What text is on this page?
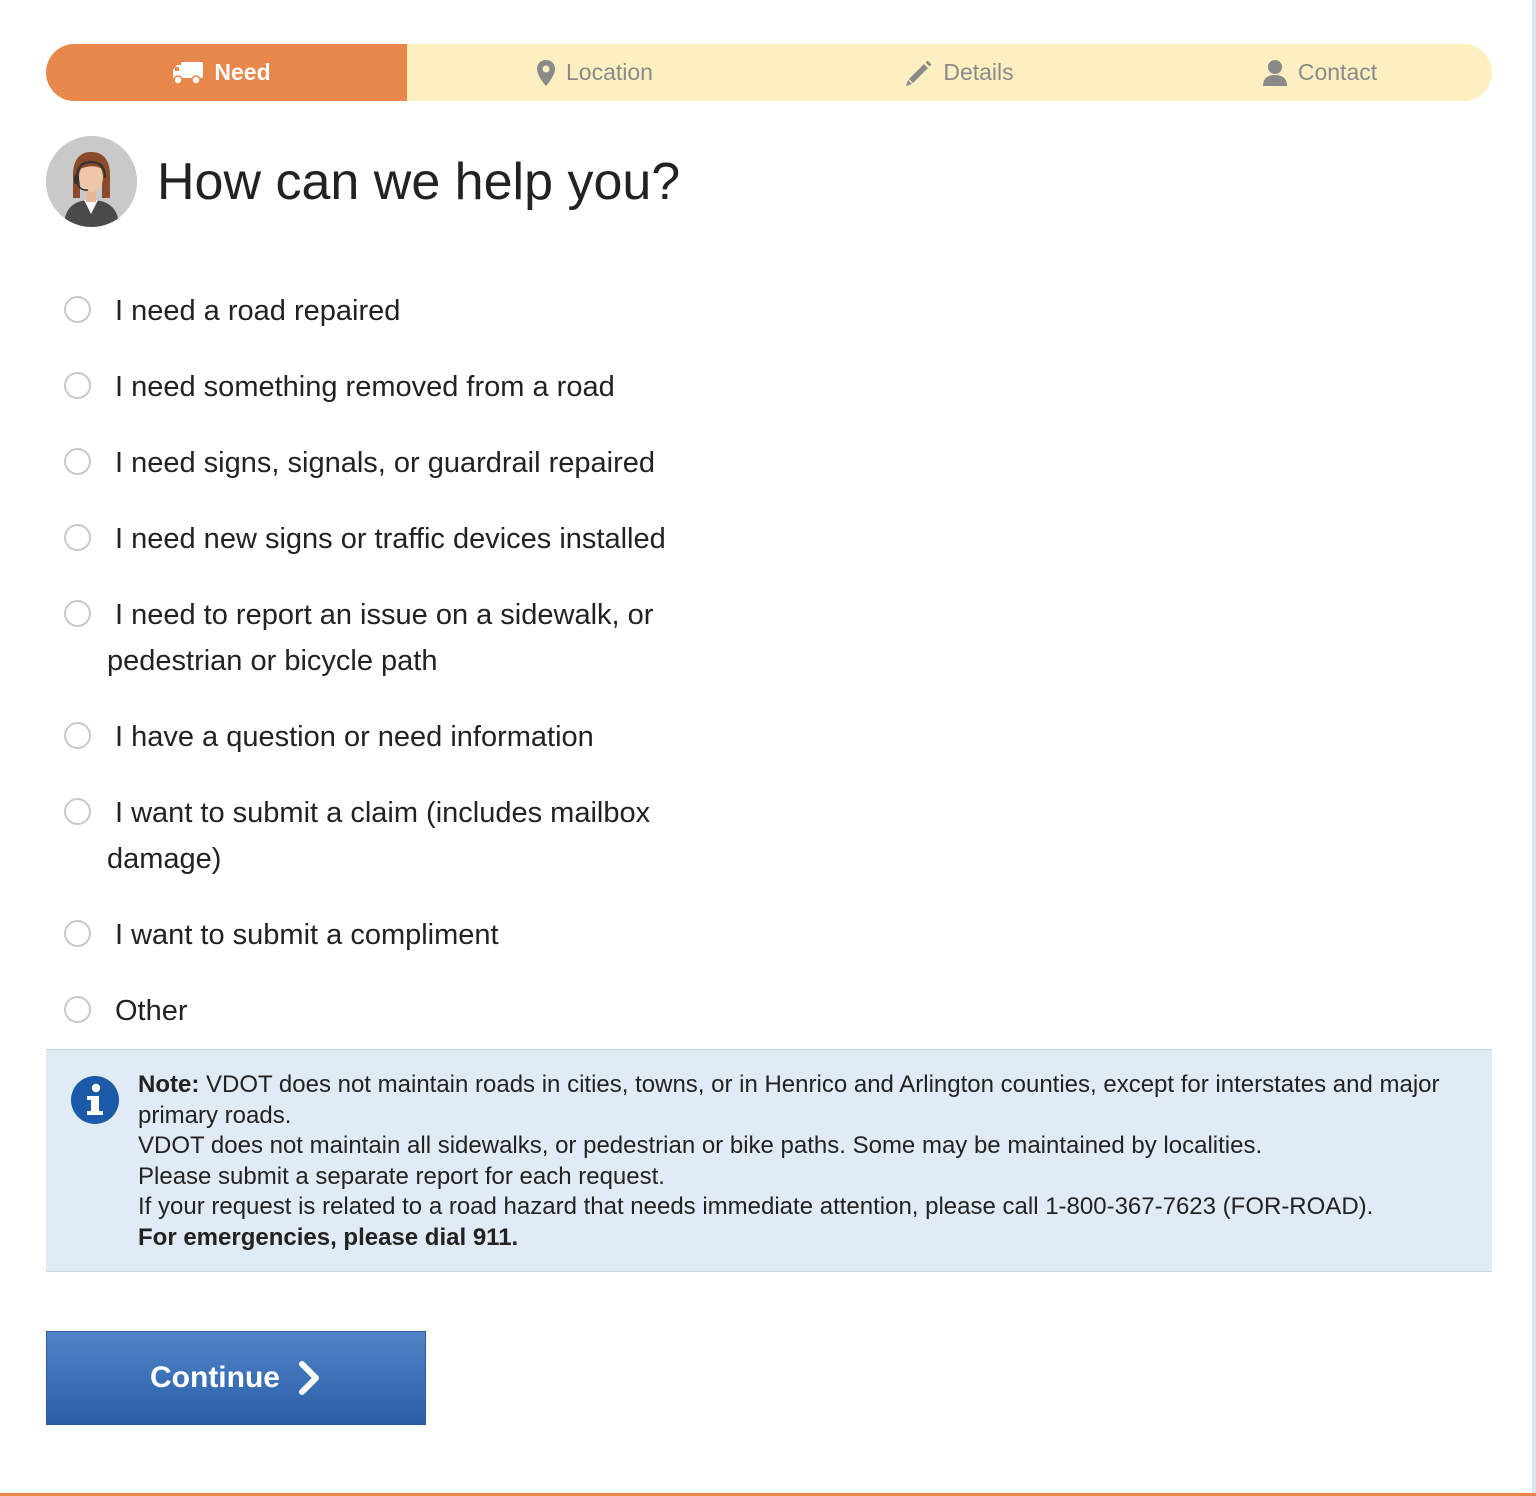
Need	Location	Details	Contact
How can we help you?
I need a road repaired
I need something removed from a road
I need signs, signals, or guardrail repaired
I need new signs or traffic devices installed
I need to report an issue on a sidewalk, or pedestrian or bicycle path
I have a question or need information
I want to submit a claim (includes mailbox damage)
I want to submit a compliment
Other

Note: VDOT does not maintain roads in cities, towns, or in Henrico and Arlington counties, except for interstates and major primary roads.

VDOT does not maintain all sidewalks, or pedestrian or bike paths. Some may be maintained by localities.

Please submit a separate report for each request.

If your request is related to a road hazard that needs immediate attention, please call 1-800-367-7623 (FOR-ROAD).

For emergencies, please dial 911.

Continue
